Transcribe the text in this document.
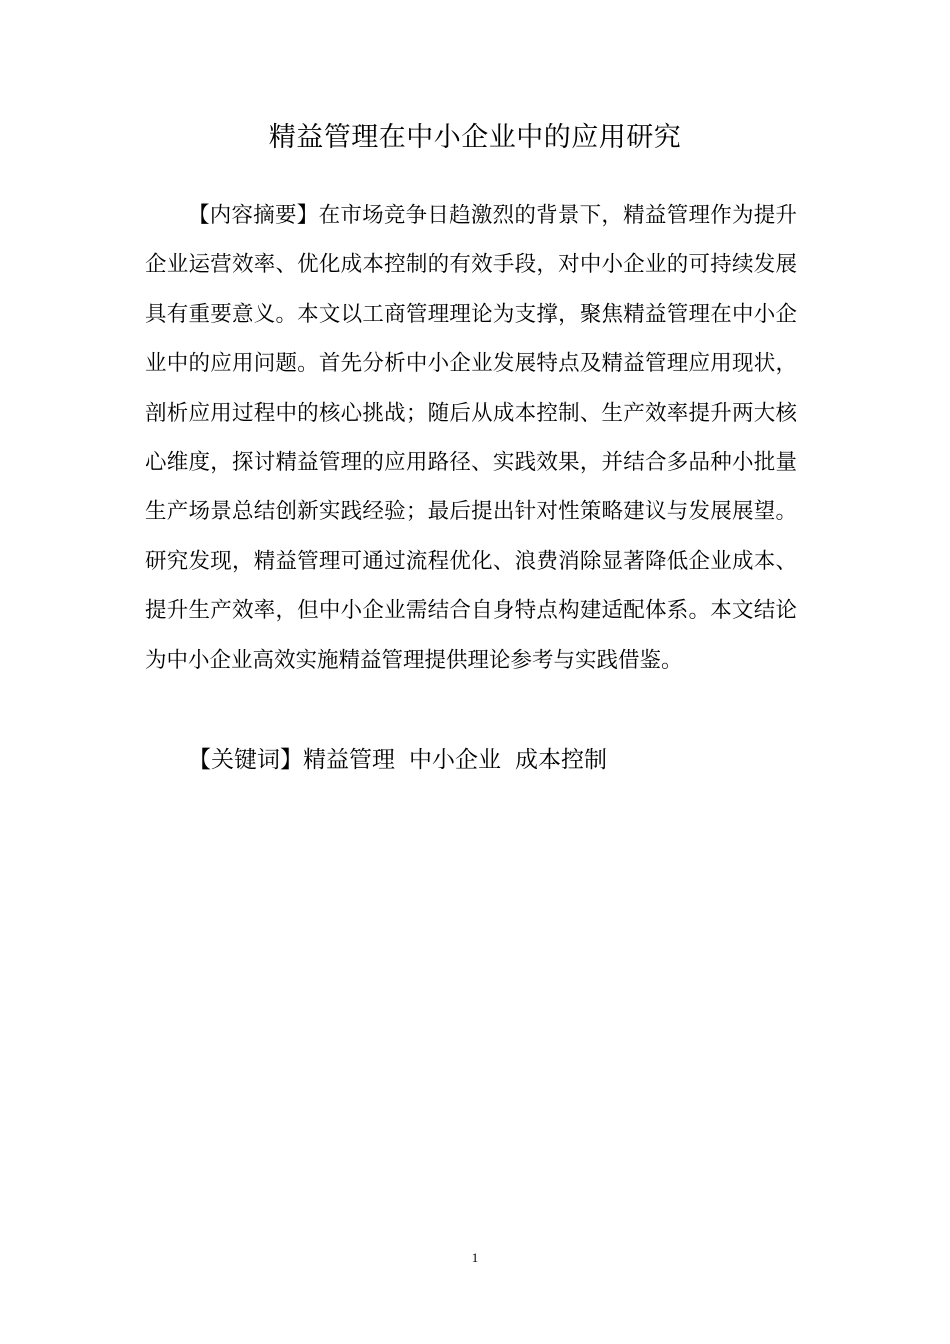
精益管理在中小企业中的应用研究

【内容摘要】在市场竞争日趋激烈的背景下，精益管理作为提升企业运营效率、优化成本控制的有效手段，对中小企业的可持续发展具有重要意义。本文以工商管理理论为支撑，聚焦精益管理在中小企业中的应用问题。首先分析中小企业发展特点及精益管理应用现状，剖析应用过程中的核心挑战；随后从成本控制、生产效率提升两大核心维度，探讨精益管理的应用路径、实践效果，并结合多品种小批量生产场景总结创新实践经验；最后提出针对性策略建议与发展展望。研究发现，精益管理可通过流程优化、浪费消除显著降低企业成本、提升生产效率，但中小企业需结合自身特点构建适配体系。本文结论为中小企业高效实施精益管理提供理论参考与实践借鉴。

【关键词】精益管理 中小企业 成本控制

1
